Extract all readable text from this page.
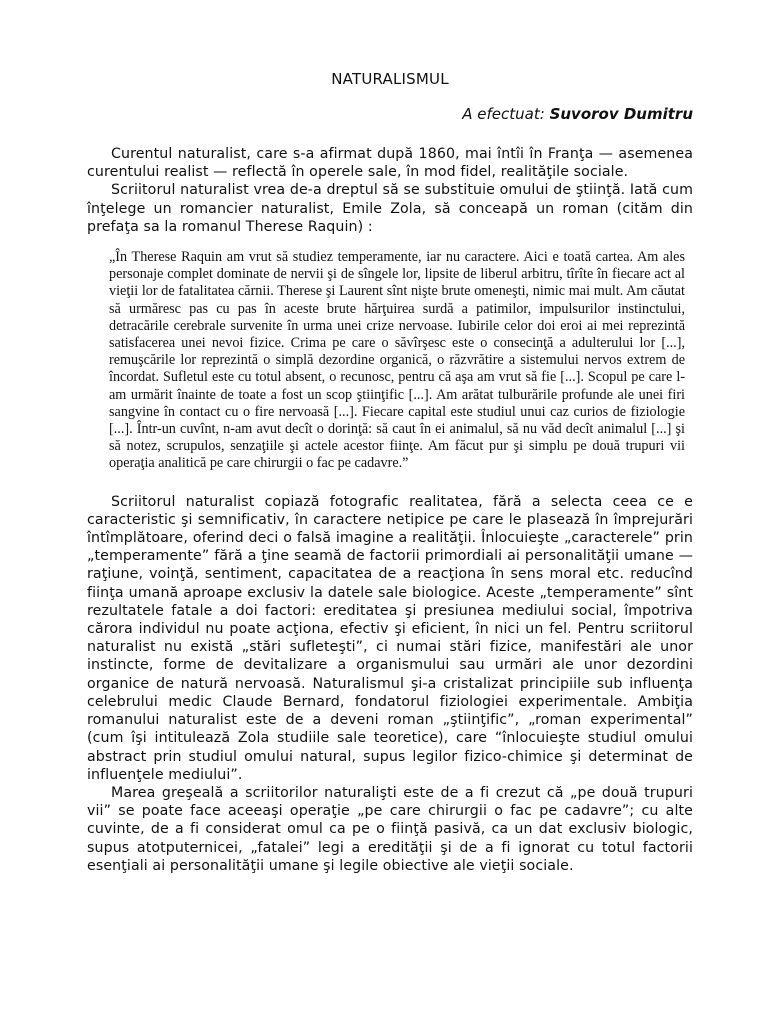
NATURALISMUL
A efectuat: Suvorov Dumitru

Curentul naturalist, care s-a afirmat după 1860, mai întîi în Franţa — asemenea curentului realist — reflectă în operele sale, în mod fidel, realităţile sociale.

Scriitorul naturalist vrea de-a dreptul să se substituie omului de ştiinţă. Iată cum înţelege un romancier naturalist, Emile Zola, să conceapă un roman (cităm din prefaţa sa la romanul Therese Raquin) :

„În Therese Raquin am vrut să studiez temperamente, iar nu caractere. Aici e toată cartea. Am ales personaje complet dominate de nervii şi de sîngele lor, lipsite de liberul arbitru, tîrîte în fiecare act al vieţii lor de fatalitatea cărnii. Therese şi Laurent sînt nişte brute omeneşti, nimic mai mult. Am căutat să urmăresc pas cu pas în aceste brute hărţuirea surdă a patimilor, impulsurilor instinctului, detracările cerebrale survenite în urma unei crize nervoase. Iubirile celor doi eroi ai mei reprezintă satisfacerea unei nevoi fizice. Crima pe care o săvîrşesc este o consecinţă a adulterului lor [...], remuşcările lor reprezintă o simplă dezordine organică, o răzvrătire a sistemului nervos extrem de încordat. Sufletul este cu totul absent, o recunosc, pentru că aşa am vrut să fie [...]. Scopul pe care l-am urmărit înainte de toate a fost un scop ştiinţific [...]. Am arătat tulburările profunde ale unei firi sangvine în contact cu o fire nervoasă [...]. Fiecare capital este studiul unui caz curios de fiziologie [...]. Într-un cuvînt, n-am avut decît o dorinţă: să caut în ei animalul, să nu văd decît animalul [...] şi să notez, scrupulos, senzaţiile şi actele acestor fiinţe. Am făcut pur şi simplu pe două trupuri vii operaţia analitică pe care chirurgii o fac pe cadavre.”

Scriitorul naturalist copiază fotografic realitatea, fără a selecta ceea ce e caracteristic şi semnificativ, în caractere netipice pe care le plasează în împrejurări întîmplătoare, oferind deci o falsă imagine a realităţii. Înlocuieşte „caracterele” prin „temperamente” fără a ţine seamă de factorii primordiali ai personalităţii umane — raţiune, voinţă, sentiment, capacitatea de a reacţiona în sens moral etc. reducînd fiinţa umană aproape exclusiv la datele sale biologice. Aceste „temperamente” sînt rezultatele fatale a doi factori: ereditatea şi presiunea mediului social, împotriva cărora individul nu poate acţiona, efectiv şi eficient, în nici un fel. Pentru scriitorul naturalist nu există „stări sufleteşti”, ci numai stări fizice, manifestări ale unor instincte, forme de devitalizare a organismului sau urmări ale unor dezordini organice de natură nervoasă. Naturalismul şi-a cristalizat principiile sub influenţa celebrului medic Claude Bernard, fondatorul fiziologiei experimentale. Ambiţia romanului naturalist este de a deveni roman „ştiinţific”, „roman experimental” (cum îşi intitulează Zola studiile sale teoretice), care “înlocuieşte studiul omului abstract prin studiul omului natural, supus legilor fizico-chimice şi determinat de influenţele mediului”.

Marea greşeală a scriitorilor naturalişti este de a fi crezut că „pe două trupuri vii” se poate face aceeaşi operaţie „pe care chirurgii o fac pe cadavre”; cu alte cuvinte, de a fi considerat omul ca pe o fiinţă pasivă, ca un dat exclusiv biologic, supus atotputernicei, „fatalei” legi a eredităţii şi de a fi ignorat cu totul factorii esenţiali ai personalităţii umane şi legile obiective ale vieţii sociale.
